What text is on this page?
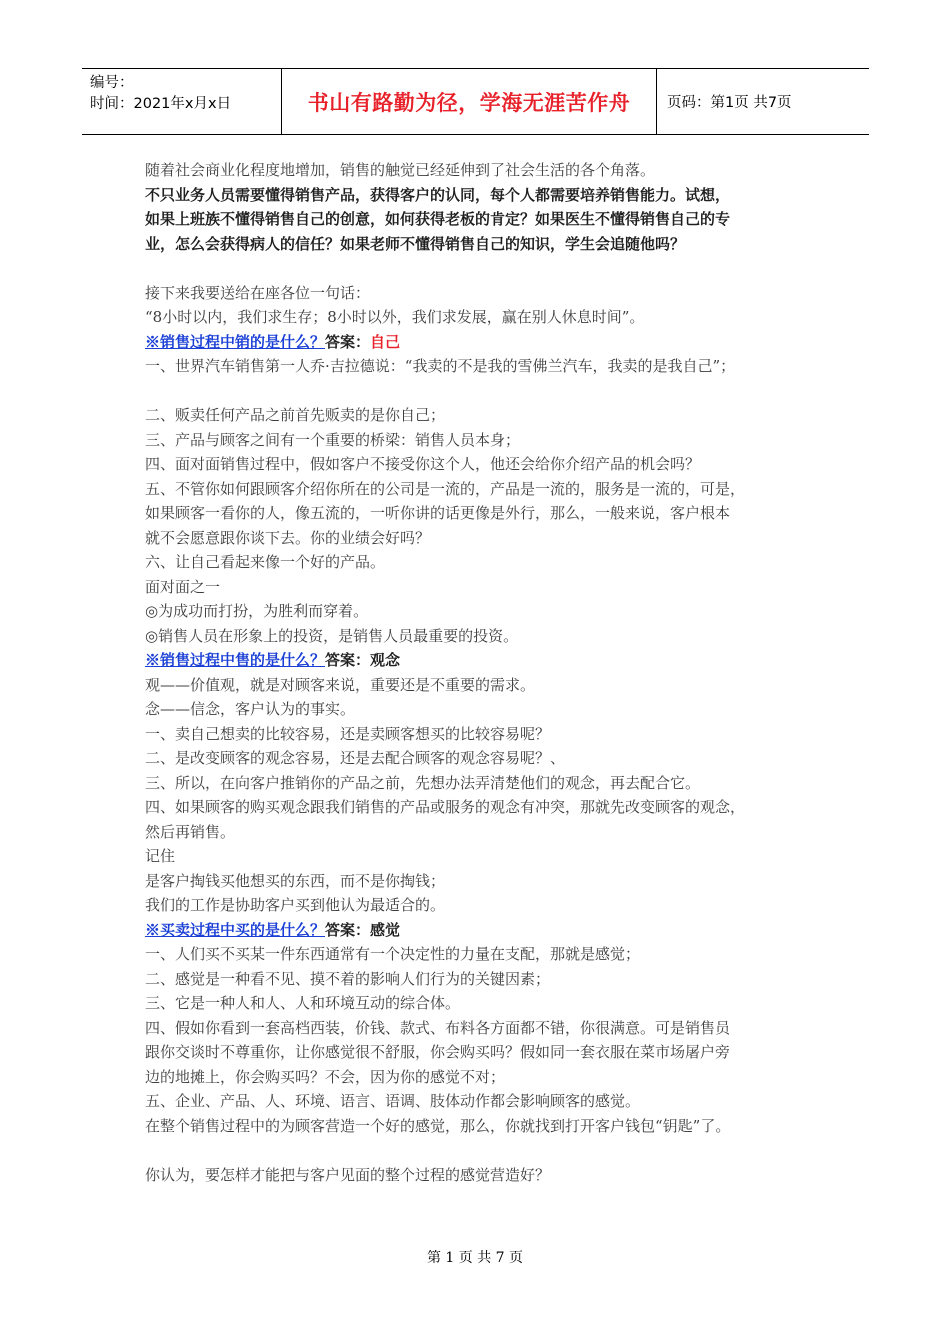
编号：
时间：2021年x月x日	书山有路勤为径，学海无涯苦作舟	页码：第1页 共7页
随着社会商业化程度地增加，销售的触觉已经延伸到了社会生活的各个角落。
不只业务人员需要懂得销售产品，获得客户的认同，每个人都需要培养销售能力。试想，
如果上班族不懂得销售自己的创意，如何获得老板的肯定？如果医生不懂得销售自己的专
业，怎么会获得病人的信任？如果老师不懂得销售自己的知识，学生会追随他吗？
接下来我要送给在座各位一句话：
“8小时以内，我们求生存；8小时以外，我们求发展，赢在别人休息时间”。
※销售过程中销的是什么？答案：自己
一、世界汽车销售第一人乔·吉拉德说：“我卖的不是我的雪佛兰汽车，我卖的是我自己”；
二、贩卖任何产品之前首先贩卖的是你自己；
三、产品与顾客之间有一个重要的桥梁：销售人员本身；
四、面对面销售过程中，假如客户不接受你这个人，他还会给你介绍产品的机会吗？
五、不管你如何跟顾客介绍你所在的公司是一流的，产品是一流的，服务是一流的，可是，
如果顾客一看你的人，像五流的，一听你讲的话更像是外行，那么，一般来说，客户根本
就不会愿意跟你谈下去。你的业绩会好吗？
六、让自己看起来像一个好的产品。
面对面之一
◎为成功而打扮，为胜利而穿着。
◎销售人员在形象上的投资，是销售人员最重要的投资。
※销售过程中售的是什么？答案：观念
观——价值观，就是对顾客来说，重要还是不重要的需求。
念——信念，客户认为的事实。
一、卖自己想卖的比较容易，还是卖顾客想买的比较容易呢？
二、是改变顾客的观念容易，还是去配合顾客的观念容易呢？、
三、所以，在向客户推销你的产品之前，先想办法弄清楚他们的观念，再去配合它。
四、如果顾客的购买观念跟我们销售的产品或服务的观念有冲突，那就先改变顾客的观念，
然后再销售。
记住
是客户掏钱买他想买的东西，而不是你掏钱；
我们的工作是协助客户买到他认为最适合的。
※买卖过程中买的是什么？答案：感觉
一、人们买不买某一件东西通常有一个决定性的力量在支配，那就是感觉；
二、感觉是一种看不见、摸不着的影响人们行为的关键因素；
三、它是一种人和人、人和环境互动的综合体。
四、假如你看到一套高档西装，价钱、款式、布料各方面都不错，你很满意。可是销售员
跟你交谈时不尊重你，让你感觉很不舒服，你会购买吗？假如同一套衣服在菜市场屠户旁
边的地摊上，你会购买吗？不会，因为你的感觉不对；
五、企业、产品、人、环境、语言、语调、肢体动作都会影响顾客的感觉。
在整个销售过程中的为顾客营造一个好的感觉，那么，你就找到打开客户钱包“钥匙”了。
你认为，要怎样才能把与客户见面的整个过程的感觉营造好？
第 1 页 共 7 页
